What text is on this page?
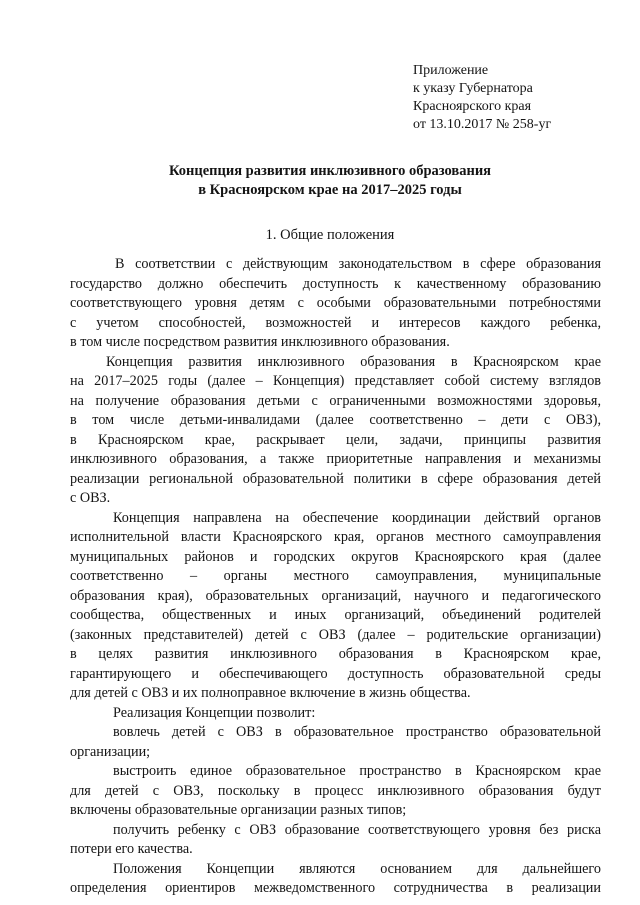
Приложение
к указу Губернатора
Красноярского края
от 13.10.2017 № 258-уг
Концепция развития инклюзивного образования
в Красноярском крае на 2017–2025 годы
1. Общие положения
В соответствии с действующим законодательством в сфере образования
государство должно обеспечить доступность к качественному образованию
соответствующего уровня детям с особыми образовательными потребностями
с учетом способностей, возможностей и интересов каждого ребенка,
в том числе посредством развития инклюзивного образования.
Концепция развития инклюзивного образования в Красноярском крае
на 2017–2025 годы (далее – Концепция) представляет собой систему взглядов
на получение образования детьми с ограниченными возможностями здоровья,
в том числе детьми-инвалидами (далее соответственно – дети с ОВЗ),
в Красноярском крае, раскрывает цели, задачи, принципы развития
инклюзивного образования, а также приоритетные направления и механизмы
реализации региональной образовательной политики в сфере образования детей
с ОВЗ.
Концепция направлена на обеспечение координации действий органов
исполнительной власти Красноярского края, органов местного самоуправления
муниципальных районов и городских округов Красноярского края (далее
соответственно – органы местного самоуправления, муниципальные
образования края), образовательных организаций, научного и педагогического
сообщества, общественных и иных организаций, объединений родителей
(законных представителей) детей с ОВЗ (далее – родительские организации)
в целях развития инклюзивного образования в Красноярском крае,
гарантирующего и обеспечивающего доступность образовательной среды
для детей с ОВЗ и их полноправное включение в жизнь общества.
Реализация Концепции позволит:
вовлечь детей с ОВЗ в образовательное пространство образовательной
организации;
выстроить единое образовательное пространство в Красноярском крае
для детей с ОВЗ, поскольку в процесс инклюзивного образования будут
включены образовательные организации разных типов;
получить ребенку с ОВЗ образование соответствующего уровня без риска
потери его качества.
Положения Концепции являются основанием для дальнейшего
определения ориентиров межведомственного сотрудничества в реализации
